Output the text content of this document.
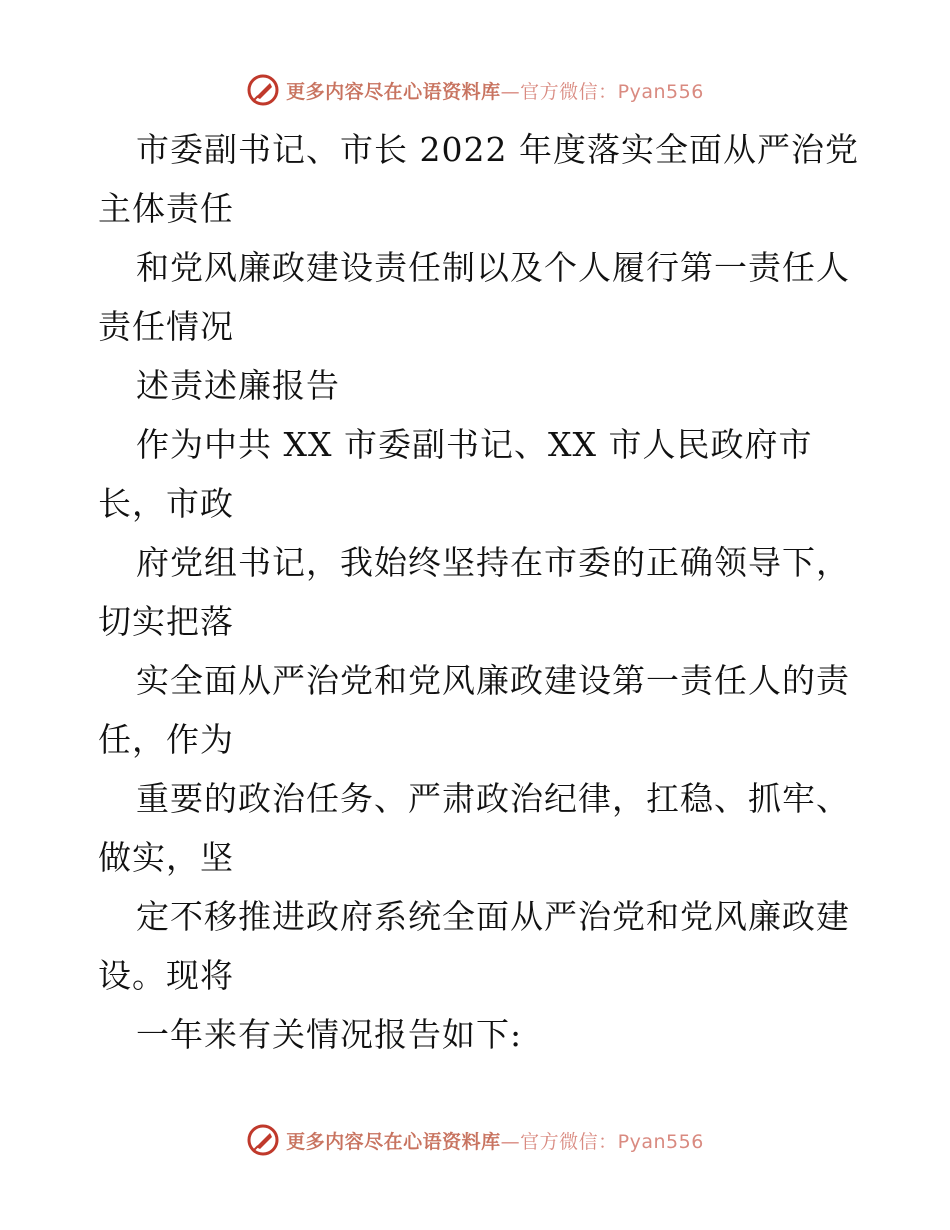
更多内容尽在心语资料库—官方微信：Pyan556
市委副书记、市长 2022 年度落实全面从严治党
主体责任
和党风廉政建设责任制以及个人履行第一责任人
责任情况
述责述廉报告
作为中共 XX 市委副书记、XX 市人民政府市
长，市政
府党组书记，我始终坚持在市委的正确领导下，
切实把落
实全面从严治党和党风廉政建设第一责任人的责
任，作为
重要的政治任务、严肃政治纪律，扛稳、抓牢、
做实，坚
定不移推进政府系统全面从严治党和党风廉政建
设。现将
一年来有关情况报告如下:
更多内容尽在心语资料库—官方微信：Pyan556
